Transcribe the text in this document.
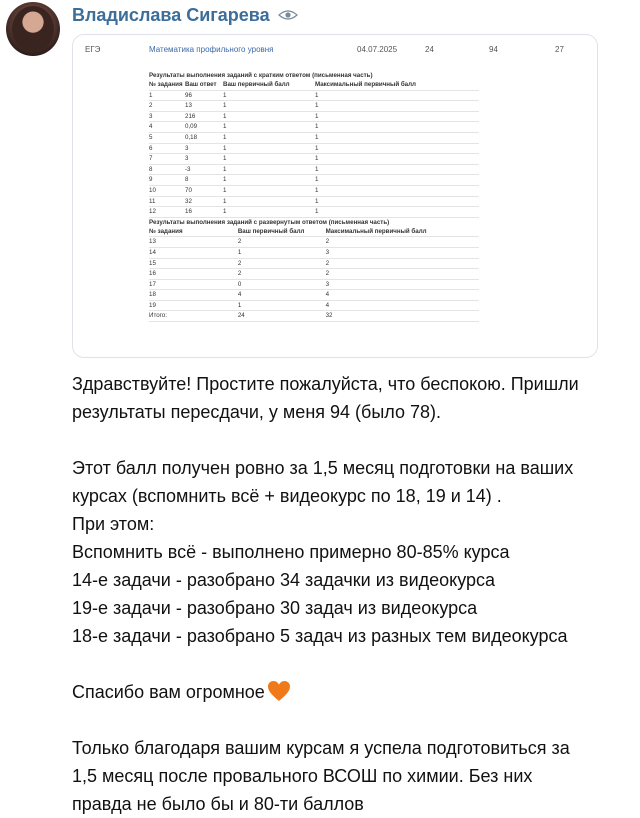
Владислава Сигарева
ЕГЭ	Математика профильного уровня	04.07.2025	24	94	27
Результаты выполнения заданий с кратким ответом (письменная часть)
№ задания	Ваш ответ	Ваш первичный балл	Максимальный первичный балл
1	96	1	1
2	13	1	1
3	216	1	1
4	0,09	1	1
5	0,18	1	1
6	3	1	1
7	3	1	1
8	-3	1	1
9	8	1	1
10	70	1	1
11	32	1	1
12	16	1	1
Результаты выполнения заданий с развернутым ответом (письменная часть)
№ задания	Ваш первичный балл	Максимальный первичный балл
13	2	2
14	1	3
15	2	2
16	2	2
17	0	3
18	4	4
19	1	4
Итого:	24	32

Здравствуйте! Простите пожалуйста, что беспокою. Пришли

результаты пересдачи, у меня 94 (было 78).

Этот балл получен ровно за 1,5 месяц подготовки на ваших

курсах (вспомнить всё + видеокурс по 18, 19 и 14) .

При этом:

Вспомнить всё - выполнено примерно 80-85% курса

14-е задачи - разобрано 34 задачки из видеокурса

19-е задачи - разобрано 30 задач из видеокурса

18-е задачи - разобрано 5 задач из разных тем видеокурса

Спасибо вам огромное

Только благодаря вашим курсам я успела подготовиться за

1,5 месяц после провального ВСОШ по химии. Без них

правда не было бы и 80-ти баллов
